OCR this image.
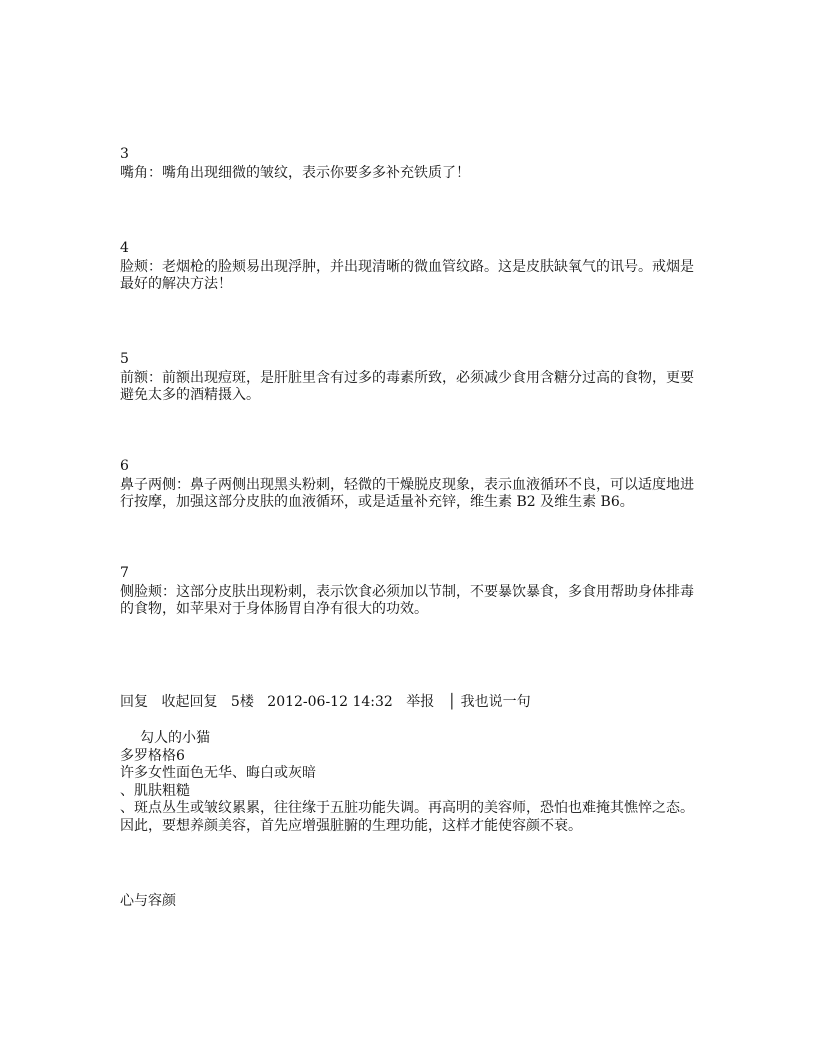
3
嘴角：嘴角出现细微的皱纹，表示你要多多补充铁质了！
4
脸颊：老烟枪的脸颊易出现浮肿，并出现清晰的微血管纹路。这是皮肤缺氧气的讯号。戒烟是
最好的解决方法！
5
前额：前额出现痘斑，是肝脏里含有过多的毒素所致，必须减少食用含糖分过高的食物，更要
避免太多的酒精摄入。
6
鼻子两侧：鼻子两侧出现黑头粉刺，轻微的干燥脱皮现象，表示血液循环不良，可以适度地进
行按摩，加强这部分皮肤的血液循环，或是适量补充锌，维生素 B2 及维生素 B6。
7
侧脸颊：这部分皮肤出现粉刺，表示饮食必须加以节制，不要暴饮暴食，多食用帮助身体排毒
的食物，如苹果对于身体肠胃自净有很大的功效。
回复 收起回复 5楼 2012-06-12 14:32 举报 │ 我也说一句
勾人的小猫
多罗格格6
许多女性面色无华、晦白或灰暗
、肌肤粗糙
、斑点丛生或皱纹累累，往往缘于五脏功能失调。再高明的美容师，恐怕也难掩其憔悴之态。
因此，要想养颜美容，首先应增强脏腑的生理功能，这样才能使容颜不衰。
心与容颜
